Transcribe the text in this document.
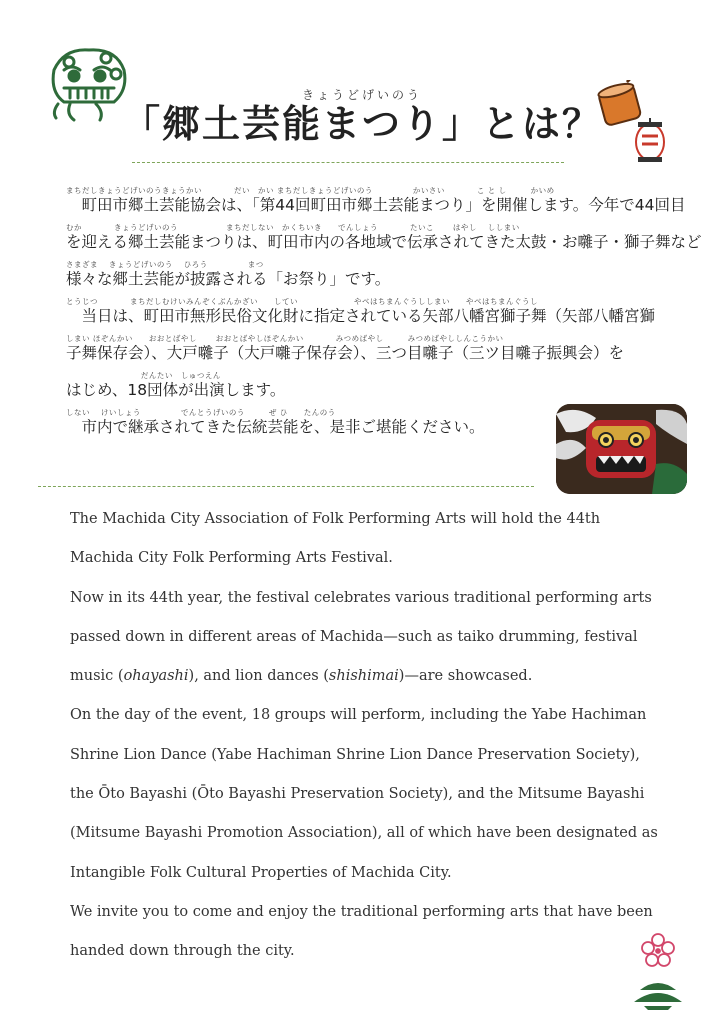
きょうどげいのう
「郷土芸能まつり」とは？
まちだしきょうどげいのうきょうかい　　　　だい　かい まちだしきょうどげいのう　　　　　かいさい　　　　こ と し　　　かいめ
　町田市郷土芸能協会は、「第44回町田市郷土芸能まつり」を開催します。今年で44回目
むか　　　　きょうどげいのう　　　　　　まちだしない　かくちいき　　でんしょう　　　　たいこ　　 はやし　 ししまい
を迎える郷土芸能まつりは、町田市内の各地域で伝承されてきた太鼓・お囃子・獅子舞など
さまざま　 きょうどげいのう　 ひろう　　　　　まつ
様々な郷土芸能が披露される「お祭り」です。
とうじつ　　　　まちだしむけいみんぞくぶんかざい　　してい　　　　　　　やべはちまんぐうししまい　　やべはちまんぐうし
　当日は、町田市無形民俗文化財に指定されている矢部八幡宮獅子舞（矢部八幡宮獅
しまい ほぞんかい　　おおとばやし　　 おおとばやしほぞんかい　　　　みつめばやし　　　みつめばやししんこうかい
子舞保存会）、大戸囃子（大戸囃子保存会）、三つ目囃子（三ツ目囃子振興会）を
　　　　　　　　　 だんたい　しゅつえん
はじめ、18団体が出演します。
しない　 けいしょう　　　　　でんとうげいのう　　　ぜ ひ　　たんのう
　市内で継承されてきた伝統芸能を、是非ご堪能ください。
The Machida City Association of Folk Performing Arts will hold the 44th
Machida City Folk Performing Arts Festival.
Now in its 44th year, the festival celebrates various traditional performing arts
passed down in different areas of Machida—such as taiko drumming, festival
music (ohayashi), and lion dances (shishimai)—are showcased.
On the day of the event, 18 groups will perform, including the Yabe Hachiman
Shrine Lion Dance (Yabe Hachiman Shrine Lion Dance Preservation Society),
the Ōto Bayashi (Ōto Bayashi Preservation Society), and the Mitsume Bayashi
(Mitsume Bayashi Promotion Association), all of which have been designated as
Intangible Folk Cultural Properties of Machida City.
We invite you to come and enjoy the traditional performing arts that have been
handed down through the city.
